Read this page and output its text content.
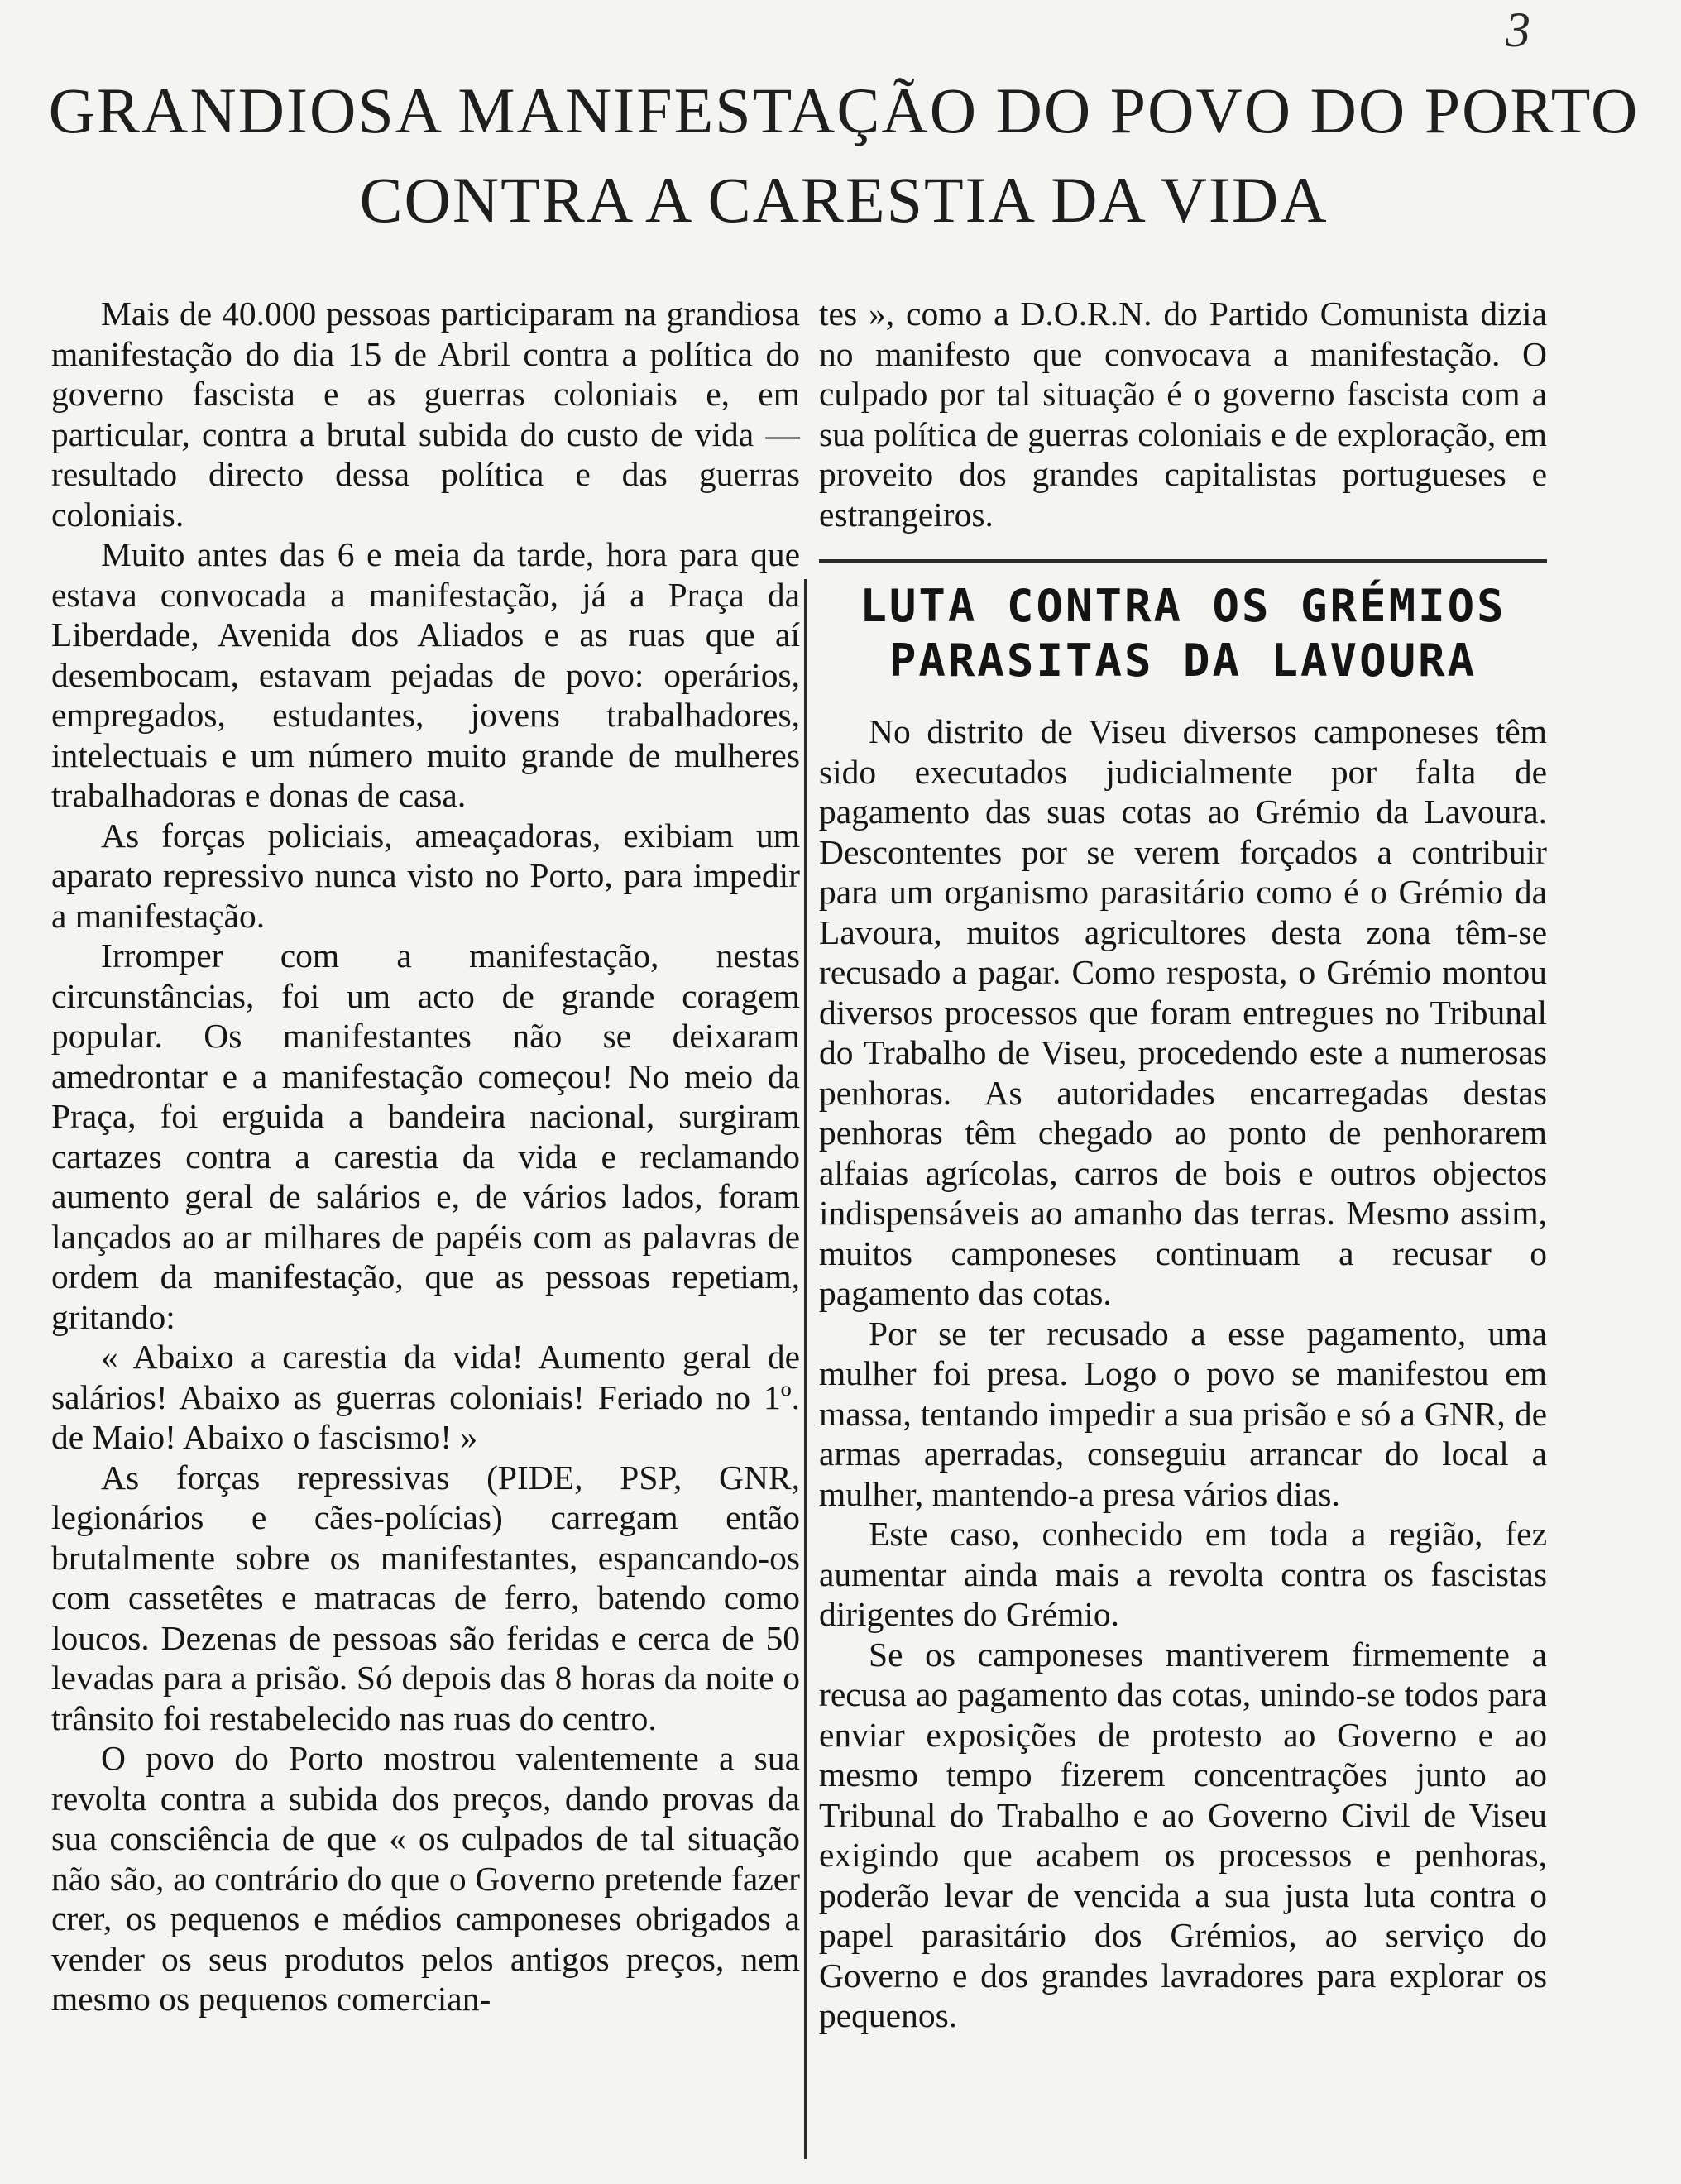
3
GRANDIOSA MANIFESTAÇÃO DO POVO DO PORTO
CONTRA A CARESTIA DA VIDA

Mais de 40.000 pessoas participaram na grandiosa manifestação do dia 15 de Abril contra a política do governo fascista e as guerras coloniais e, em particular, contra a brutal subida do custo de vida — resultado directo dessa política e das guerras coloniais.

Muito antes das 6 e meia da tarde, hora para que estava convocada a manifestação, já a Praça da Liberdade, Avenida dos Aliados e as ruas que aí desembocam, estavam pejadas de povo: operários, empregados, estudantes, jovens trabalhadores, intelectuais e um número muito grande de mulheres trabalhadoras e donas de casa.

As forças policiais, ameaçadoras, exibiam um aparato repressivo nunca visto no Porto, para impedir a manifestação.

Irromper com a manifestação, nestas circunstâncias, foi um acto de grande coragem popular. Os manifestantes não se deixaram amedrontar e a manifestação começou! No meio da Praça, foi erguida a bandeira nacional, surgiram cartazes contra a carestia da vida e reclamando aumento geral de salários e, de vários lados, foram lançados ao ar milhares de papéis com as palavras de ordem da manifestação, que as pessoas repetiam, gritando:

« Abaixo a carestia da vida! Aumento geral de salários! Abaixo as guerras coloniais! Feriado no 1º. de Maio! Abaixo o fascismo! »

As forças repressivas (PIDE, PSP, GNR, legionários e cães-polícias) carregam então brutalmente sobre os manifestantes, espancando-os com cassetêtes e matracas de ferro, batendo como loucos. Dezenas de pessoas são feridas e cerca de 50 levadas para a prisão. Só depois das 8 horas da noite o trânsito foi restabelecido nas ruas do centro.

O povo do Porto mostrou valentemente a sua revolta contra a subida dos preços, dando provas da sua consciência de que « os culpados de tal situação não são, ao contrário do que o Governo pretende fazer crer, os pequenos e médios camponeses obrigados a vender os seus produtos pelos antigos preços, nem mesmo os pequenos comercian-

tes », como a D.O.R.N. do Partido Comunista dizia no manifesto que convocava a manifestação. O culpado por tal situação é o governo fascista com a sua política de guerras coloniais e de exploração, em proveito dos grandes capitalistas portugueses e estrangeiros.

LUTA CONTRA OS GRÉMIOS
PARASITAS DA LAVOURA

No distrito de Viseu diversos camponeses têm sido executados judicialmente por falta de pagamento das suas cotas ao Grémio da Lavoura. Descontentes por se verem forçados a contribuir para um organismo parasitário como é o Grémio da Lavoura, muitos agricultores desta zona têm-se recusado a pagar. Como resposta, o Grémio montou diversos processos que foram entregues no Tribunal do Trabalho de Viseu, procedendo este a numerosas penhoras. As autoridades encarregadas destas penhoras têm chegado ao ponto de penhorarem alfaias agrícolas, carros de bois e outros objectos indispensáveis ao amanho das terras. Mesmo assim, muitos camponeses continuam a recusar o pagamento das cotas.

Por se ter recusado a esse pagamento, uma mulher foi presa. Logo o povo se manifestou em massa, tentando impedir a sua prisão e só a GNR, de armas aperradas, conseguiu arrancar do local a mulher, mantendo-a presa vários dias.

Este caso, conhecido em toda a região, fez aumentar ainda mais a revolta contra os fascistas dirigentes do Grémio.

Se os camponeses mantiverem firmemente a recusa ao pagamento das cotas, unindo-se todos para enviar exposições de protesto ao Governo e ao mesmo tempo fizerem concentrações junto ao Tribunal do Trabalho e ao Governo Civil de Viseu exigindo que acabem os processos e penhoras, poderão levar de vencida a sua justa luta contra o papel parasitário dos Grémios, ao serviço do Governo e dos grandes lavradores para explorar os pequenos.
